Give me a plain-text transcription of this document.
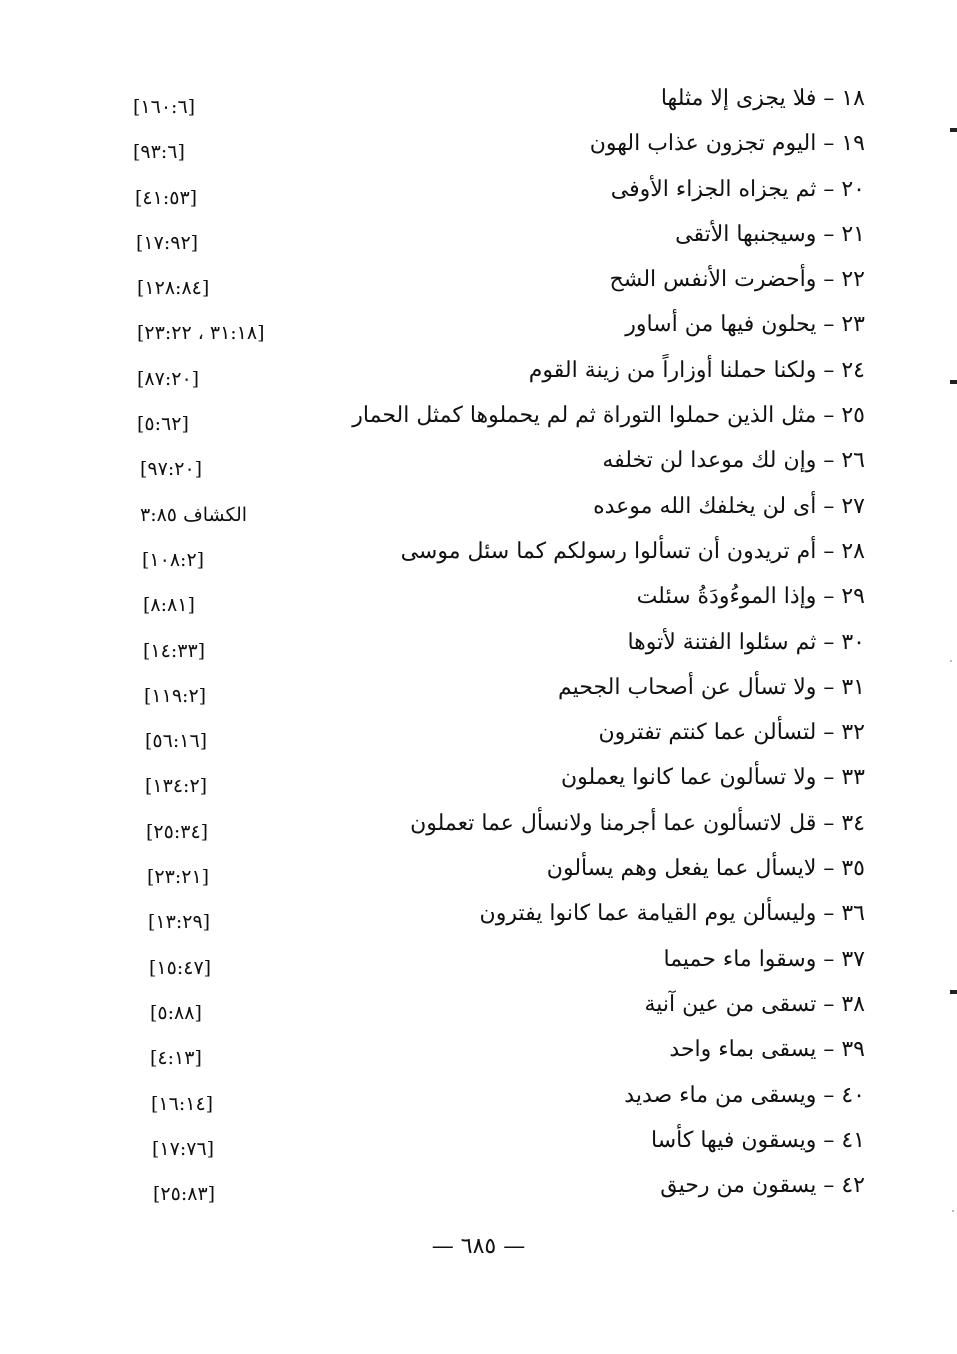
١٨ – فلا يجزى إلا مثلها
[١٦٠:٦]
١٩ – اليوم تجزون عذاب الهون
[٩٣:٦]
٢٠ – ثم يجزاه الجزاء الأوفى
[٤١:٥٣]
٢١ – وسيجنبها الأتقى
[١٧:٩٢]
٢٢ – وأحضرت الأنفس الشح
[١٢٨:٨٤]
٢٣ – يحلون فيها من أساور
[٣١:١٨ ، ٢٣:٢٢]
٢٤ – ولكنا حملنا أوزاراً من زينة القوم
[٨٧:٢٠]
٢٥ – مثل الذين حملوا التوراة ثم لم يحملوها كمثل الحمار
[٥:٦٢]
٢٦ – وإن لك موعدا لن تخلفه
[٩٧:٢٠]
٢٧ – أى لن يخلفك الله موعده
الكشاف ٣:٨٥
٢٨ – أم تريدون أن تسألوا رسولكم كما سئل موسى
[١٠٨:٢]
٢٩ – وإذا الموءُودَةُ سئلت
[٨:٨١]
٣٠ – ثم سئلوا الفتنة لأتوها
[١٤:٣٣]
٣١ – ولا تسأل عن أصحاب الجحيم
[١١٩:٢]
٣٢ – لتسألن عما كنتم تفترون
[٥٦:١٦]
٣٣ – ولا تسألون عما كانوا يعملون
[١٣٤:٢]
٣٤ – قل لاتسألون عما أجرمنا ولانسأل عما تعملون
[٢٥:٣٤]
٣٥ – لايسأل عما يفعل وهم يسألون
[٢٣:٢١]
٣٦ – وليسألن يوم القيامة عما كانوا يفترون
[١٣:٢٩]
٣٧ – وسقوا ماء حميما
[١٥:٤٧]
٣٨ – تسقى من عين آنية
[٥:٨٨]
٣٩ – يسقى بماء واحد
[٤:١٣]
٤٠ – ويسقى من ماء صديد
[١٦:١٤]
٤١ – ويسقون فيها كأسا
[١٧:٧٦]
٤٢ – يسقون من رحيق
[٢٥:٨٣]
— ٦٨٥ —
